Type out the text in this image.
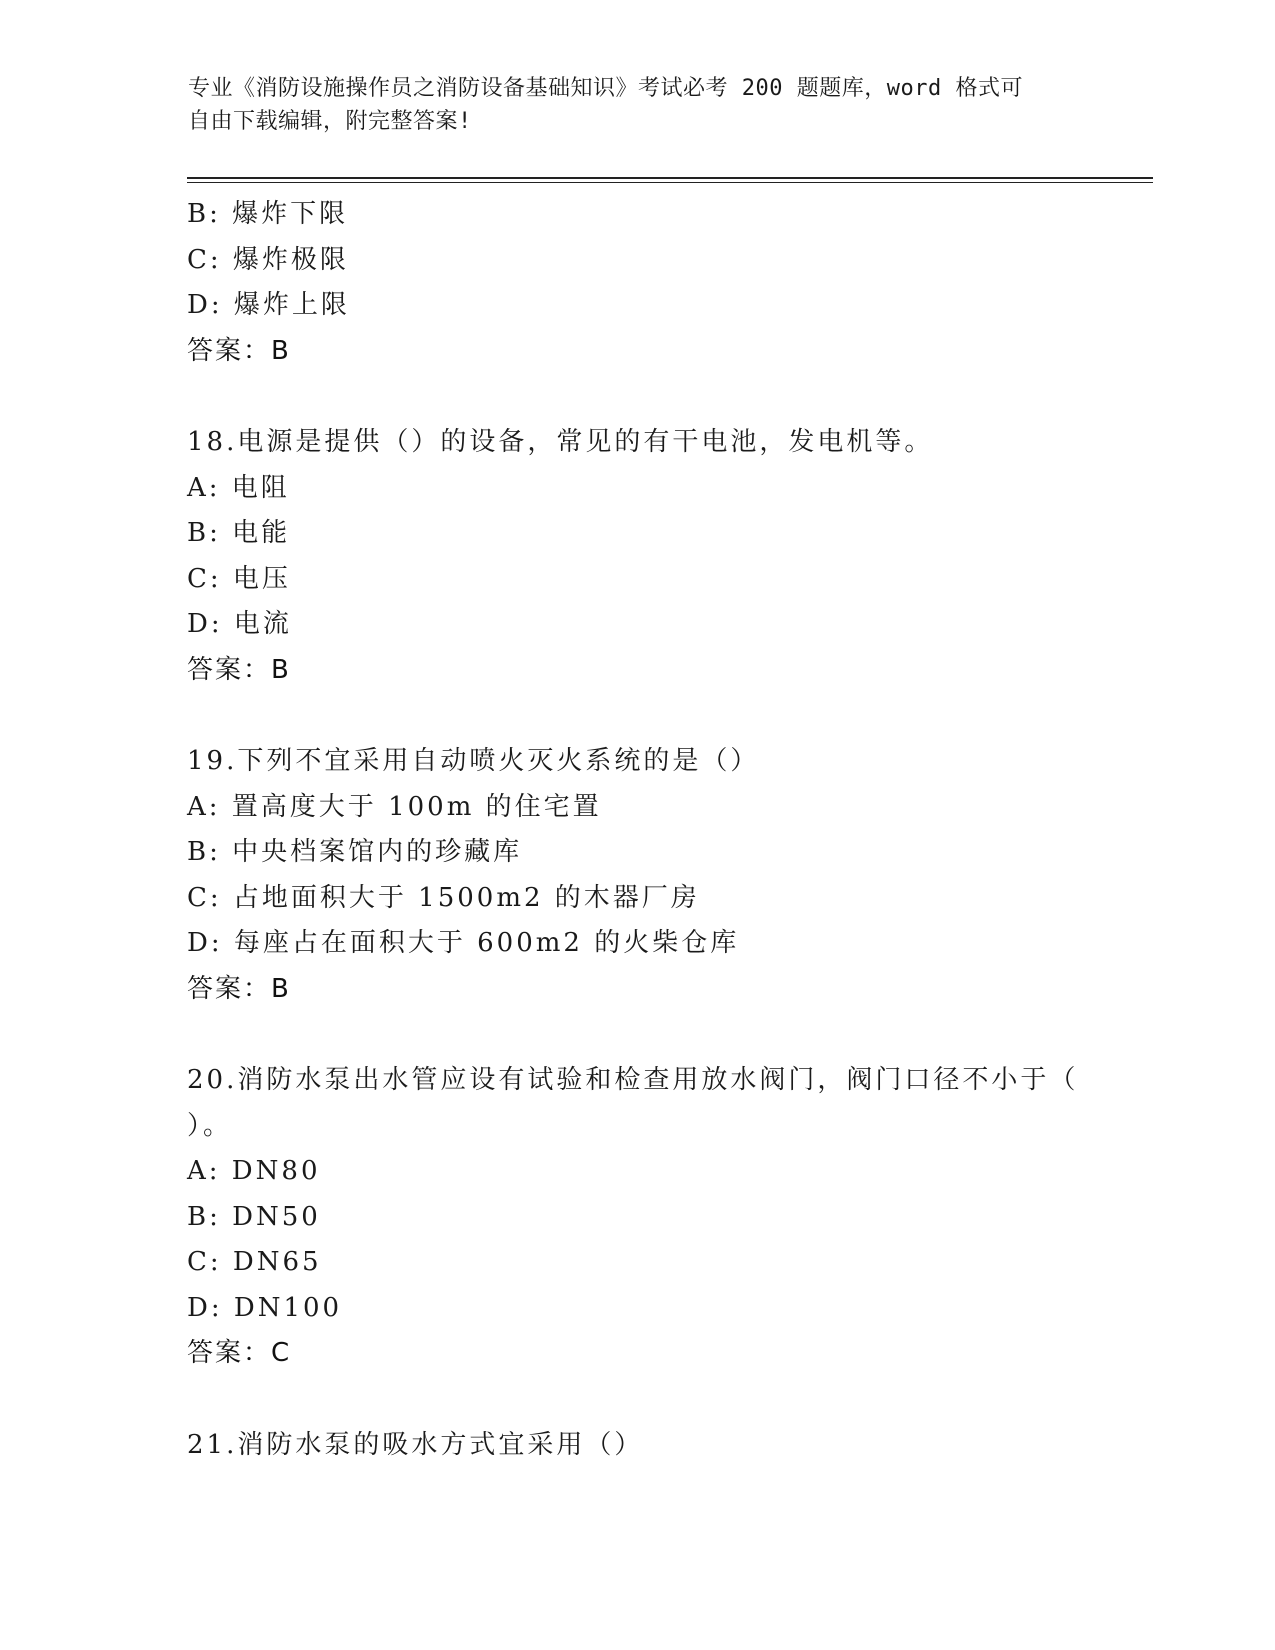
专业《消防设施操作员之消防设备基础知识》考试必考 200 题题库，word 格式可
自由下载编辑，附完整答案!
B: 爆炸下限
C: 爆炸极限
D: 爆炸上限
答案：B
18.电源是提供（）的设备，常见的有干电池，发电机等。
A: 电阻
B: 电能
C: 电压
D: 电流
答案：B
19.下列不宜采用自动喷火灭火系统的是（）
A: 置高度大于 100m 的住宅置
B: 中央档案馆内的珍藏库
C: 占地面积大于 1500m2 的木器厂房
D: 每座占在面积大于 600m2 的火柴仓库
答案：B
20.消防水泵出水管应设有试验和检查用放水阀门，阀门口径不小于（
）。
A: DN80
B: DN50
C: DN65
D: DN100
答案：C
21.消防水泵的吸水方式宜采用（）
